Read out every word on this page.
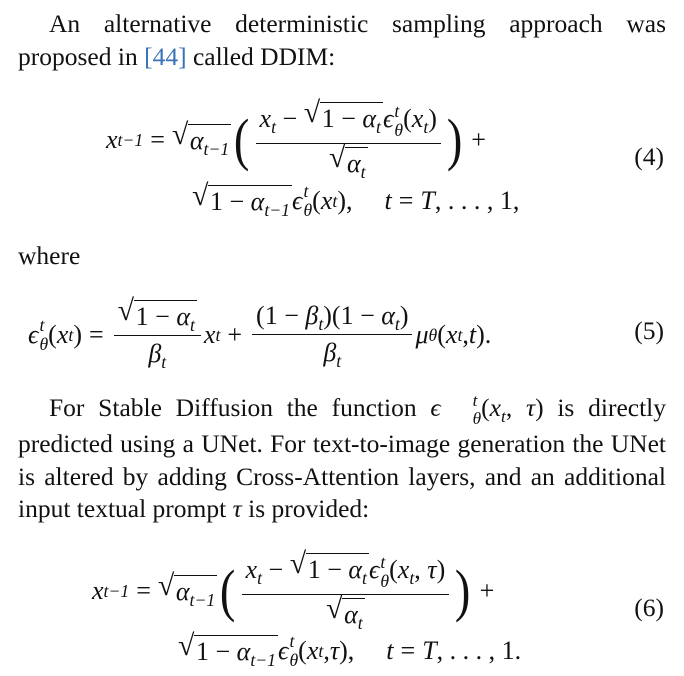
An alternative deterministic sampling approach was proposed in [44] called DDIM:
x t−1 = √ $\alpha_{t-1}$ ( $x_t$ − √ $1 - \alpha_t\epsilon$ t
θ $(x_t)$
√ $\alpha_t$ ) +
(4)
√ $1 - \alpha_{t-1}$ ϵ t
θ ( x t ), t = T , . . . , 1,
where
ϵ t
θ ( x t ) = $\frac{√ 1 - \alpha_t}{\beta_t}$ x $t + \frac{(1 - \beta_t)(1 - \alpha_t)}{\beta_t}$ μ θ ( x t , t ).	(5)
For Stable Diffusion the function ϵ	t
θ ($x_t$, τ) is directly predicted using a UNet. For text-to-image generation the UNet is altered by adding Cross-Attention layers, and an additional input textual prompt τ is provided:
x t−1 = √ $\alpha_{t-1}$ ( $x_t$ − √ $1 - \alpha_t\epsilon$ t
θ ($x_t$, τ)
√ $\alpha_t$ ) +
(6)
√ $1 - \alpha_{t-1}$ ϵ t
θ ( x t , τ ), t = T , . . . , 1.
